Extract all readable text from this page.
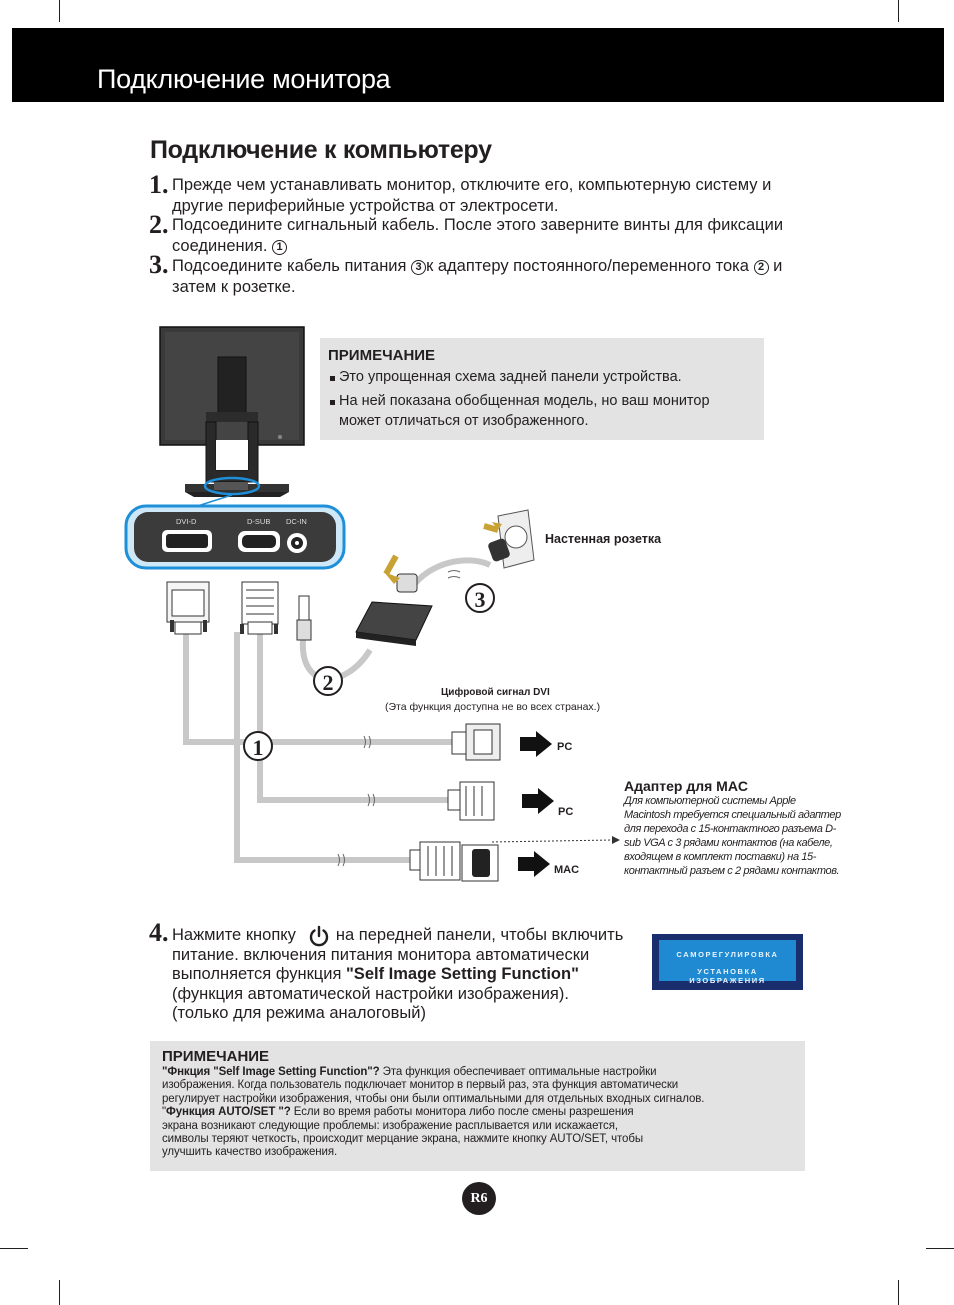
Подключение монитора
Подключение к компьютеру
1. Прежде чем устанавливать монитор, отключите его, компьютерную систему и
другие периферийные устройства от электросети.
2. Подсоедините сигнальный кабель. После этого заверните винты для фиксации
соединения. 1
3. Подсоедините кабель питания 3 к адаптеру постоянного/переменного тока 2 и
затем к розетке.
3
2
1
DVI-D	D-SUB DC-IN
Настенная розетка
Цифровой сигнал DVI
(Эта функция доступна не во всех странах.)
PC
PC
MAC
Адаптер для MAC
Для компьютерной системы Apple Macintosh требуется специальный адаптер для перехода с 15-контактного разъема D-sub VGA с 3 рядами контактов (на кабеле, входящем в комплект поставки) на 15-контактный разъем с 2 рядами контактов.
ПРИМЕЧАНИЕ
Это упрощенная схема задней панели устройства.
На ней показана обобщенная модель, но ваш монитор
может отличаться от изображенного.
4. Нажмите кнопку на передней панели, чтобы включить
питание. включения питания монитора автоматически
выполняется функция "Self Image Setting Function"
(функция автоматической настройки изображения).
(только для режима аналоговый)
САМОРЕГУЛИРОВКА
УСТАНОВКА ИЗОБРАЖЕНИЯ
ПРИМЕЧАНИЕ
"Фнкция "Self Image Setting Function"? Эта функция обеспечивает оптимальные настройки
изображения. Когда пользователь подключает монитор в первый раз, эта функция автоматически
регулирует настройки изображения, чтобы они были оптимальными для отдельных входных сигналов.
"Функция AUTO/SET "? Если во время работы монитора либо после смены разрешения
экрана возникают следующие проблемы: изображение расплывается или искажается,
символы теряют четкость, происходит мерцание экрана, нажмите кнопку AUTO/SET, чтобы
улучшить качество изображения.
R6
